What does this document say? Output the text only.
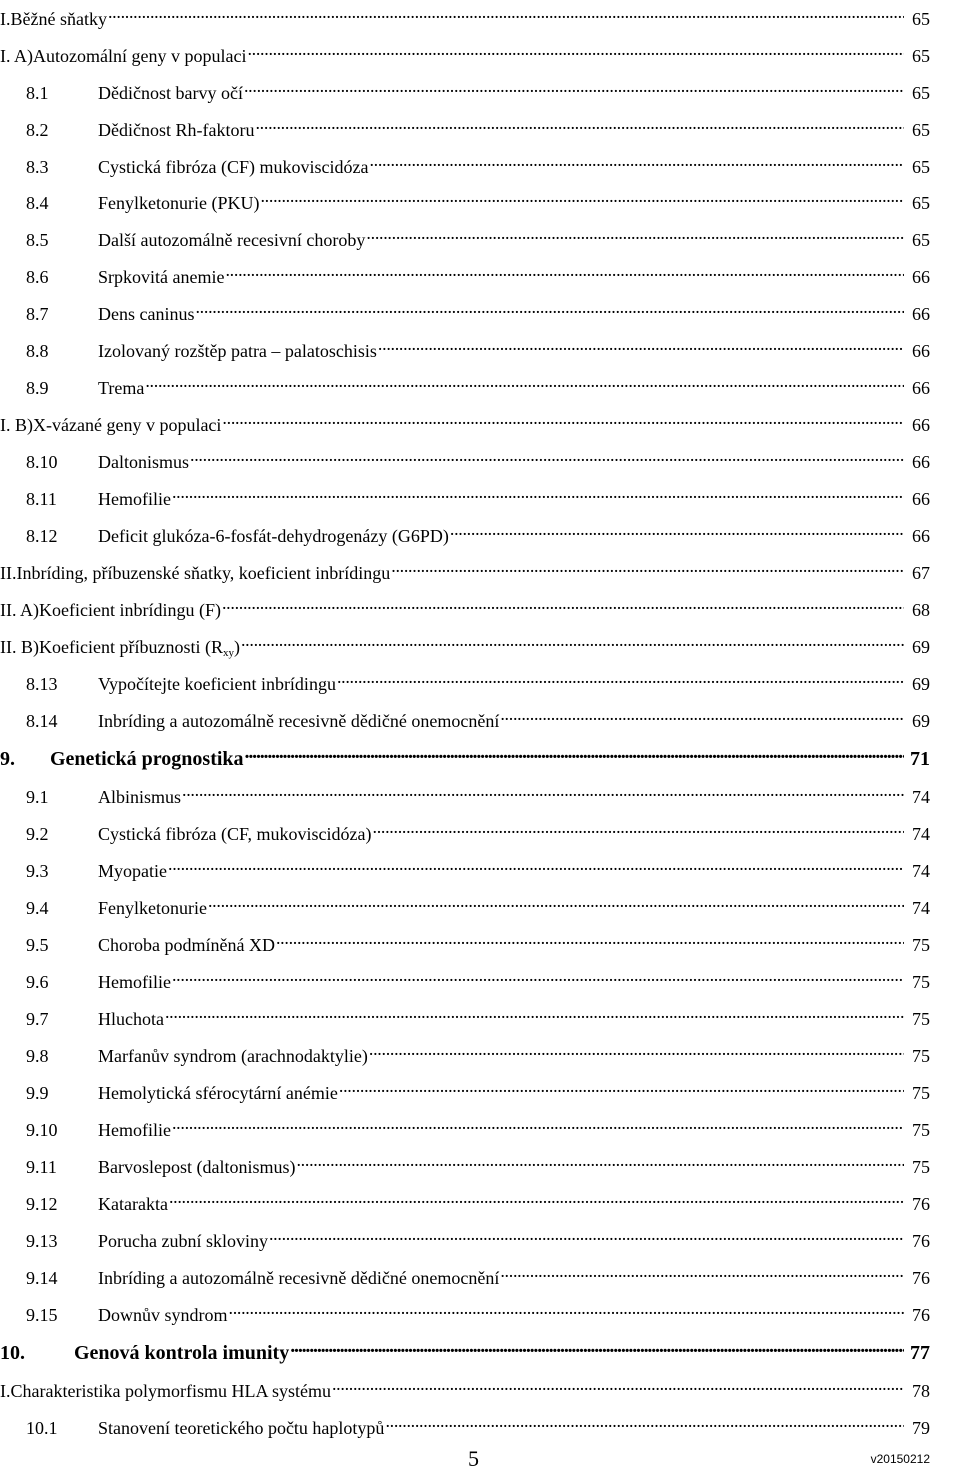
I. Běžné sňatky . . .	65
I. A) Autozomální geny v populaci . . .	65
8.1	Dědičnost barvy očí . . .	65
8.2	Dědičnost Rh-faktoru . . .	65
8.3	Cystická fibróza (CF) mukoviscidóza . . .	65
8.4	Fenylketonurie (PKU) . . .	65
8.5	Další autozomálně recesivní choroby . . .	65
8.6	Srpkovitá anemie . . .	66
8.7	Dens caninus . . .	66
8.8	Izolovaný rozštěp patra – palatoschisis . . .	66
8.9	Trema . . .	66
I. B) X-vázané geny v populaci . . .	66
8.10	Daltonismus . . .	66
8.11	Hemofilie . . .	66
8.12	Deficit glukóza-6-fosfát-dehydrogenázy (G6PD) . . .	66
II. Inbríding, příbuzenské sňatky, koeficient inbrídingu . . .	67
II. A) Koeficient inbrídingu (F) . . .	68
II. B) Koeficient příbuznosti $(R_{xy})$ . . .	69
8.13	Vypočítejte koeficient inbrídingu . . .	69
8.14	Inbríding a autozomálně recesivně dědičné onemocnění . . .	69
9.	Genetická prognostika . . .	71
9.1	Albinismus . . .	74
9.2	Cystická fibróza (CF, mukoviscidóza) . . .	74
9.3	Myopatie . . .	74
9.4	Fenylketonurie . . .	74
9.5	Choroba podmíněná XD . . .	75
9.6	Hemofilie . . .	75
9.7	Hluchota . . .	75
9.8	Marfanův syndrom (arachnodaktylie) . . .	75
9.9	Hemolytická sférocytární anémie . . .	75
9.10	Hemofilie . . .	75
9.11	Barvoslepost (daltonismus) . . .	75
9.12	Katarakta . . .	76
9.13	Porucha zubní skloviny . . .	76
9.14	Inbríding a autozomálně recesivně dědičné onemocnění . . .	76
9.15	Downův syndrom . . .	76
10.	Genová kontrola imunity . . .	77
I. Charakteristika polymorfismu HLA systému . . .	78
10.1	Stanovení teoretického počtu haplotypů . . .	79
5	v20150212
